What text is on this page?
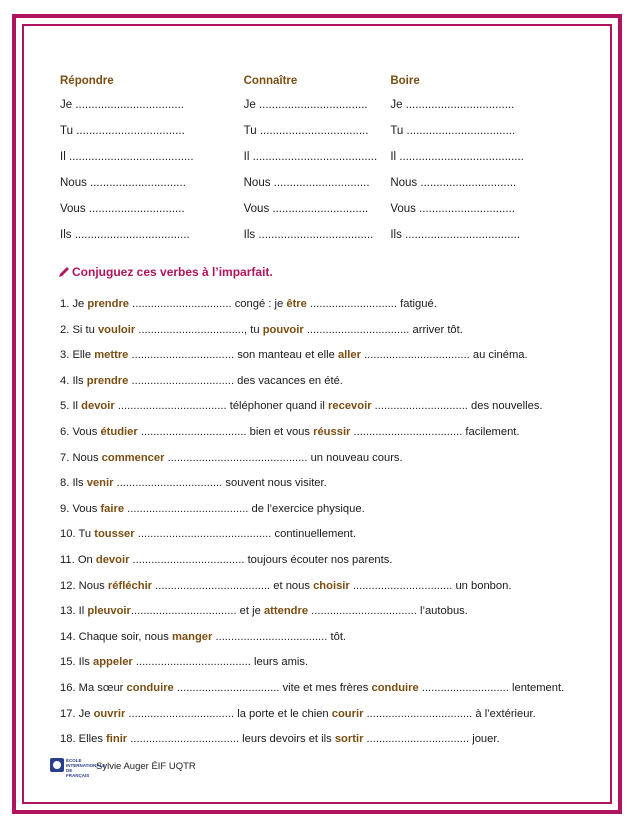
Répondre	Connaître	Boire
Je ..................................	Je ..................................	Je ..................................
Tu ..................................	Tu ..................................	Tu ..................................
Il .......................................	Il .......................................	Il .......................................
Nous ..............................	Nous ..............................	Nous ..............................
Vous ..............................	Vous ..............................	Vous ..............................
Ils ....................................	Ils ....................................	Ils ....................................
Conjuguez ces verbes à l’imparfait.
1. Je prendre ................................ congé : je être ............................ fatigué.
2. Si tu vouloir .................................., tu pouvoir ................................. arriver tôt.
3. Elle mettre ................................. son manteau et elle aller .................................. au cinéma.
4. Ils prendre ................................. des vacances en été.
5. Il devoir ................................... téléphoner quand il recevoir .............................. des nouvelles.
6. Vous étudier .................................. bien et vous réussir ................................... facilement.
7. Nous commencer ............................................. un nouveau cours.
8. Ils venir .................................. souvent nous visiter.
9. Vous faire ....................................... de l’exercice physique.
10. Tu tousser ........................................... continuellement.
11. On devoir .................................... toujours écouter nos parents.
12. Nous réfléchir ..................................... et nous choisir ................................ un bonbon.
13. Il pleuvoir.................................. et je attendre .................................. l’autobus.
14. Chaque soir, nous manger .................................... tôt.
15. Ils appeler ..................................... leurs amis.
16. Ma sœur conduire ................................. vite et mes frères conduire ............................ lentement.
17. Je ouvrir .................................. la porte et le chien courir .................................. à l’extérieur.
18. Elles finir ................................... leurs devoirs et ils sortir ................................. jouer.
ÉCOLE INTERNATIONALE DE FRANÇAIS
Sylvie Auger ÉIF UQTR
